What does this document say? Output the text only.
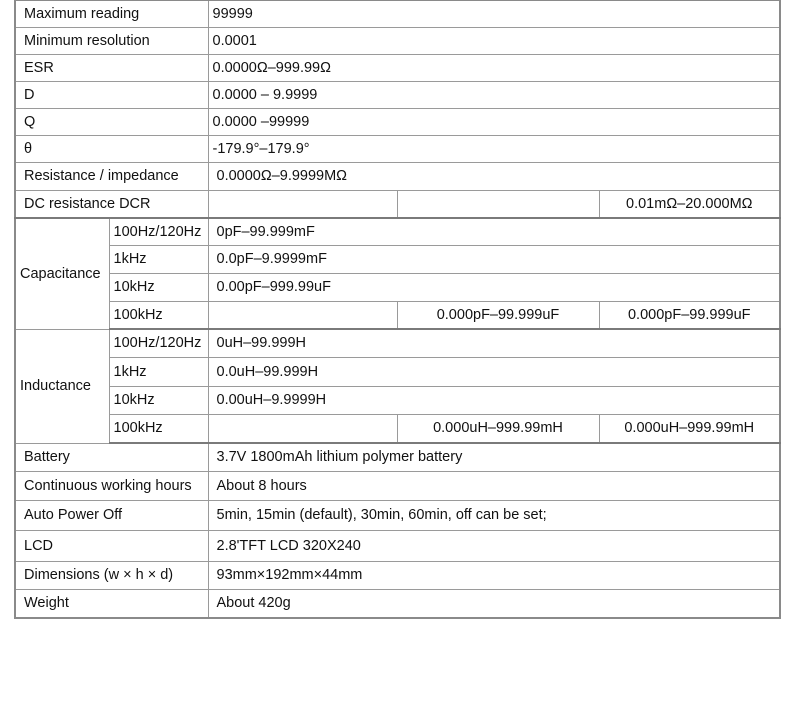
Maximum reading		99999		
Minimum resolution		0.0001		
ESR		0.0000Ω–999.99Ω		
D		0.0000 – 9.9999		
Q		0.0000 –99999		
θ		-179.9°–179.9°		
Resistance / impedance		0.0000Ω–9.9999MΩ		
DC resistance DCR				0.01mΩ–20.000MΩ
Capacitance	100Hz/120Hz	0pF–99.999mF		
	1kHz	0.0pF–9.9999mF		
	10kHz	0.00pF–999.99uF		
	100kHz		0.000pF–99.999uF	0.000pF–99.999uF
Inductance	100Hz/120Hz	0uH–99.999H		
	1kHz	0.0uH–99.999H		
	10kHz	0.00uH–9.9999H		
	100kHz		0.000uH–999.99mH	0.000uH–999.99mH
Battery		3.7V 1800mAh lithium polymer battery		
Continuous working hours		About 8 hours		
Auto Power Off		5min, 15min (default), 30min, 60min, off can be set;		
LCD		2.8'TFT LCD 320X240		
Dimensions (w × h × d)		93mm×192mm×44mm		
Weight		About 420g		
